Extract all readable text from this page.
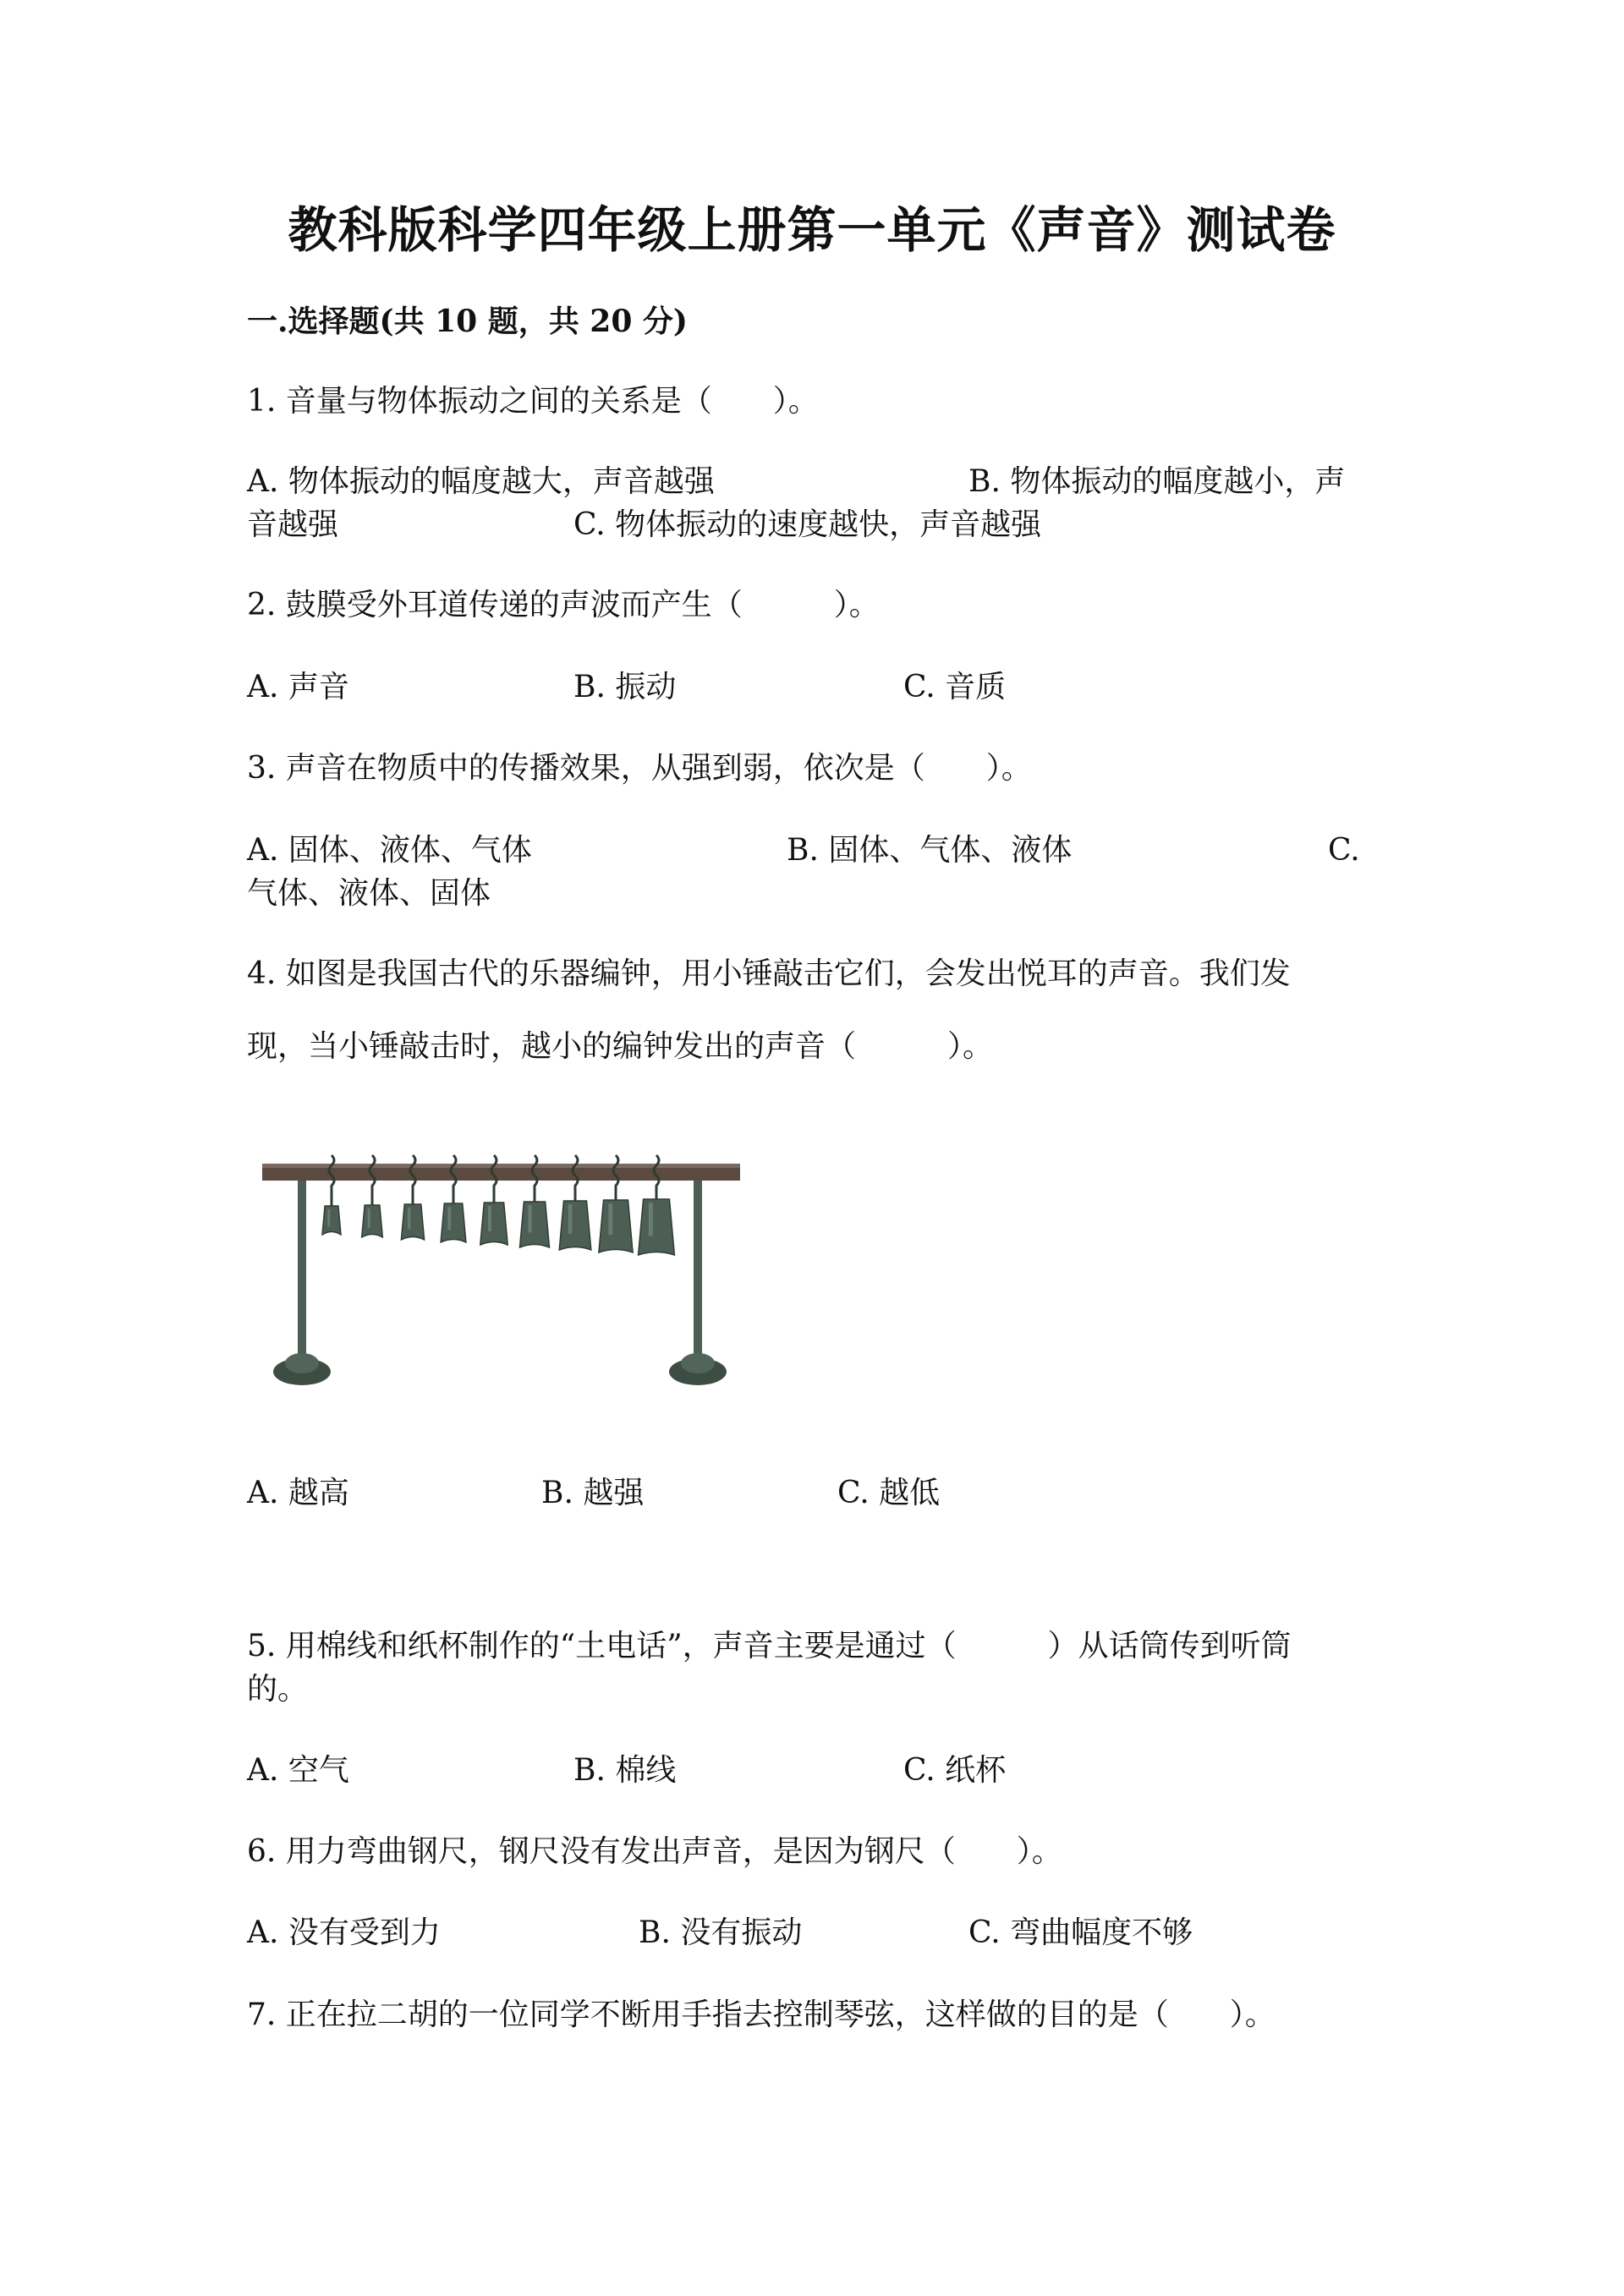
教科版科学四年级上册第一单元《声音》测试卷
一.选择题(共 10 题，共 20 分)
1. 音量与物体振动之间的关系是（　　）。
A. 物体振动的幅度越大，声音越强	B. 物体振动的幅度越小，声
音越强	C. 物体振动的速度越快，声音越强
2. 鼓膜受外耳道传递的声波而产生（　　　）。
A. 声音	B. 振动	C. 音质
3. 声音在物质中的传播效果，从强到弱，依次是（　　）。
A. 固体、液体、气体	B. 固体、气体、液体	C.
气体、液体、固体
4. 如图是我国古代的乐器编钟，用小锤敲击它们，会发出悦耳的声音。我们发
现，当小锤敲击时，越小的编钟发出的声音（　　　）。
A. 越高	B. 越强	C. 越低
5. 用棉线和纸杯制作的“土电话”，声音主要是通过（　　　）从话筒传到听筒
的。
A. 空气	B. 棉线	C. 纸杯
6. 用力弯曲钢尺，钢尺没有发出声音，是因为钢尺（　　）。
A. 没有受到力	B. 没有振动	C. 弯曲幅度不够
7. 正在拉二胡的一位同学不断用手指去控制琴弦，这样做的目的是（　　）。
